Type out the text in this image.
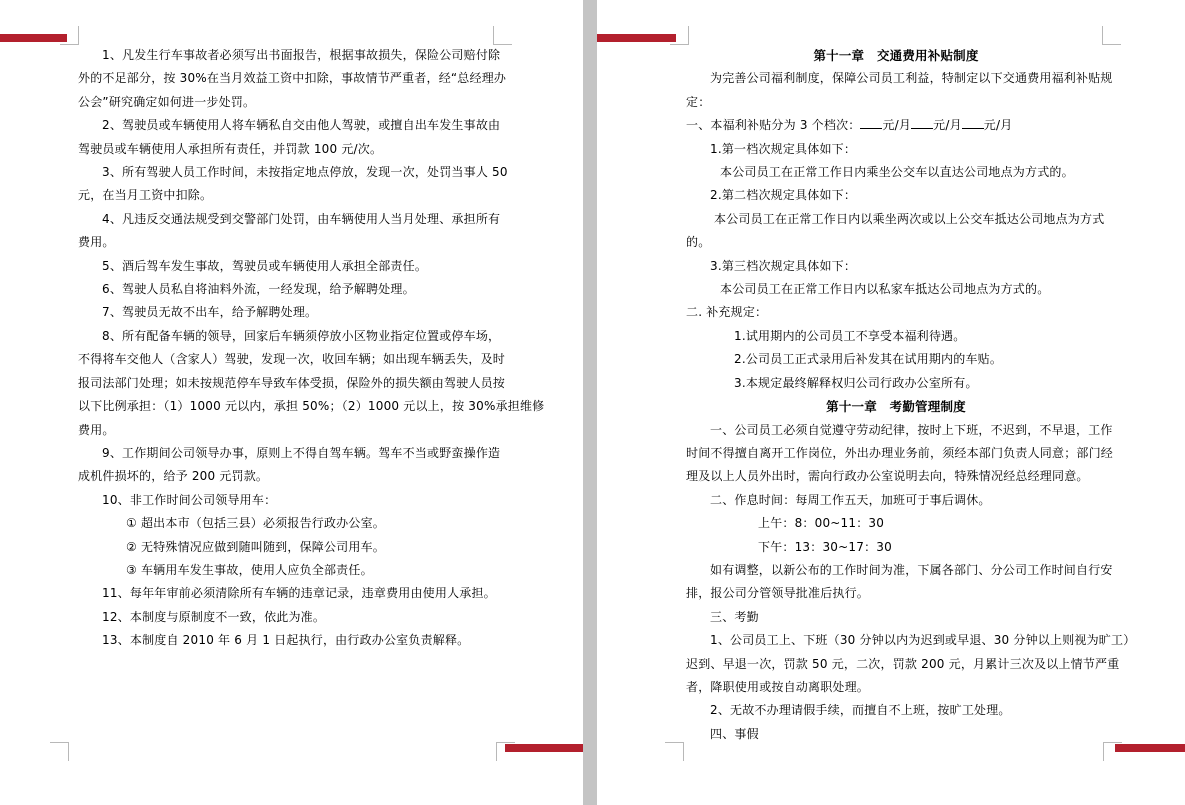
1、凡发生行车事故者必须写出书面报告，根据事故损失，保险公司赔付除

外的不足部分，按 30%在当月效益工资中扣除，事故情节严重者，经“总经理办

公会”研究确定如何进一步处罚。

2、驾驶员或车辆使用人将车辆私自交由他人驾驶，或擅自出车发生事故由

驾驶员或车辆使用人承担所有责任，并罚款 100 元/次。

3、所有驾驶人员工作时间，未按指定地点停放，发现一次，处罚当事人 50

元，在当月工资中扣除。

4、凡违反交通法规受到交警部门处罚，由车辆使用人当月处理、承担所有

费用。

5、酒后驾车发生事故，驾驶员或车辆使用人承担全部责任。

6、驾驶人员私自将油料外流，一经发现，给予解聘处理。

7、驾驶员无故不出车，给予解聘处理。

8、所有配备车辆的领导，回家后车辆须停放小区物业指定位置或停车场，

不得将车交他人（含家人）驾驶，发现一次，收回车辆；如出现车辆丢失，及时

报司法部门处理；如未按规范停车导致车体受损，保险外的损失额由驾驶人员按

以下比例承担：（1）1000 元以内，承担 50%；（2）1000 元以上，按 30%承担维修

费用。

9、工作期间公司领导办事，原则上不得自驾车辆。驾车不当或野蛮操作造

成机件损坏的，给予 200 元罚款。

10、非工作时间公司领导用车：

① 超出本市（包括三县）必须报告行政办公室。

② 无特殊情况应做到随叫随到，保障公司用车。

③ 车辆用车发生事故，使用人应负全部责任。

11、每年年审前必须清除所有车辆的违章记录，违章费用由使用人承担。

12、本制度与原制度不一致，依此为准。

13、本制度自 2010 年 6 月 1 日起执行，由行政办公室负责解释。

第十一章　交通费用补贴制度

为完善公司福利制度，保障公司员工利益，特制定以下交通费用福利补贴规

定：

一、本福利补贴分为 3 个档次： 元/月 元/月 元/月

1.第一档次规定具体如下：

本公司员工在正常工作日内乘坐公交车以直达公司地点为方式的。

2.第二档次规定具体如下：

本公司员工在正常工作日内以乘坐两次或以上公交车抵达公司地点为方式

的。

3.第三档次规定具体如下：

本公司员工在正常工作日内以私家车抵达公司地点为方式的。

二. 补充规定：

1.试用期内的公司员工不享受本福利待遇。

2.公司员工正式录用后补发其在试用期内的车贴。

3.本规定最终解释权归公司行政办公室所有。

第十一章　考勤管理制度

一、公司员工必须自觉遵守劳动纪律，按时上下班，不迟到，不早退，工作

时间不得擅自离开工作岗位，外出办理业务前，须经本部门负责人同意；部门经

理及以上人员外出时，需向行政办公室说明去向，特殊情况经总经理同意。

二、作息时间：每周工作五天，加班可于事后调休。

上午：8：00~11：30

下午：13：30~17：30

如有调整，以新公布的工作时间为准，下属各部门、分公司工作时间自行安

排，报公司分管领导批准后执行。

三、考勤

1、公司员工上、下班（30 分钟以内为迟到或早退、30 分钟以上则视为旷工）

迟到、早退一次，罚款 50 元，二次，罚款 200 元，月累计三次及以上情节严重

者，降职使用或按自动离职处理。

2、无故不办理请假手续，而擅自不上班，按旷工处理。

四、事假
